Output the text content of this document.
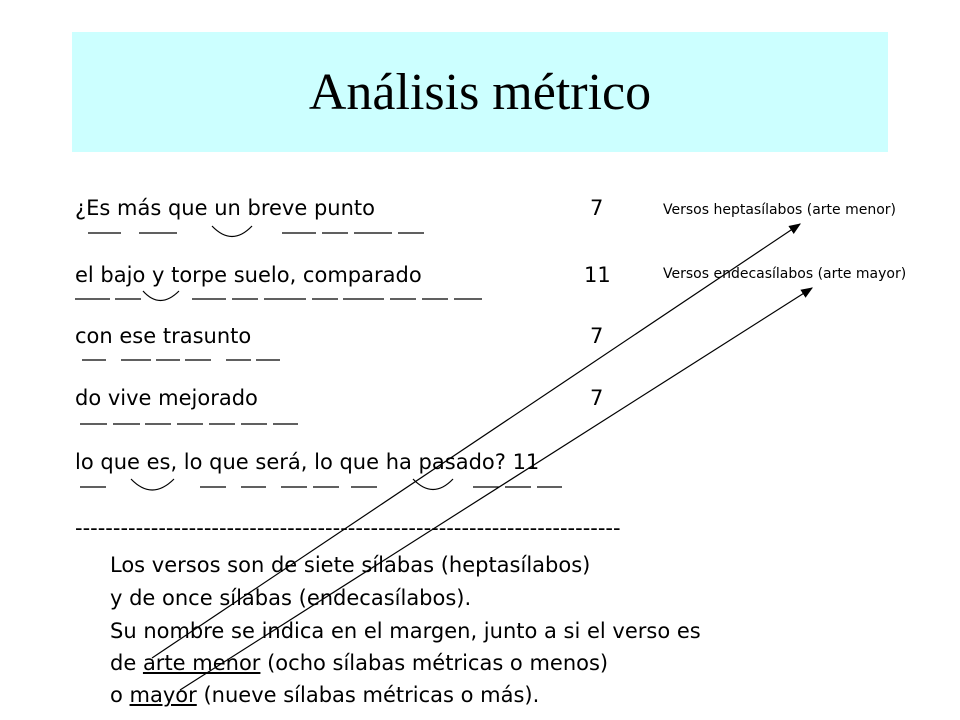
Análisis métrico
¿Es más que un breve punto	7	Versos heptasílabos (arte menor)
el bajo y torpe suelo, comparado	11	Versos endecasílabos (arte mayor)
con ese trasunto	7
do vive mejorado	7
lo que es, lo que será, lo que ha pasado? 11
------------------------------------------------------------------------
Los versos son de siete sílabas (heptasílabos)
y de once sílabas (endecasílabos).
Su nombre se indica en el margen, junto a si el verso es
de arte menor (ocho sílabas métricas o menos)
o mayor (nueve sílabas métricas o más).
